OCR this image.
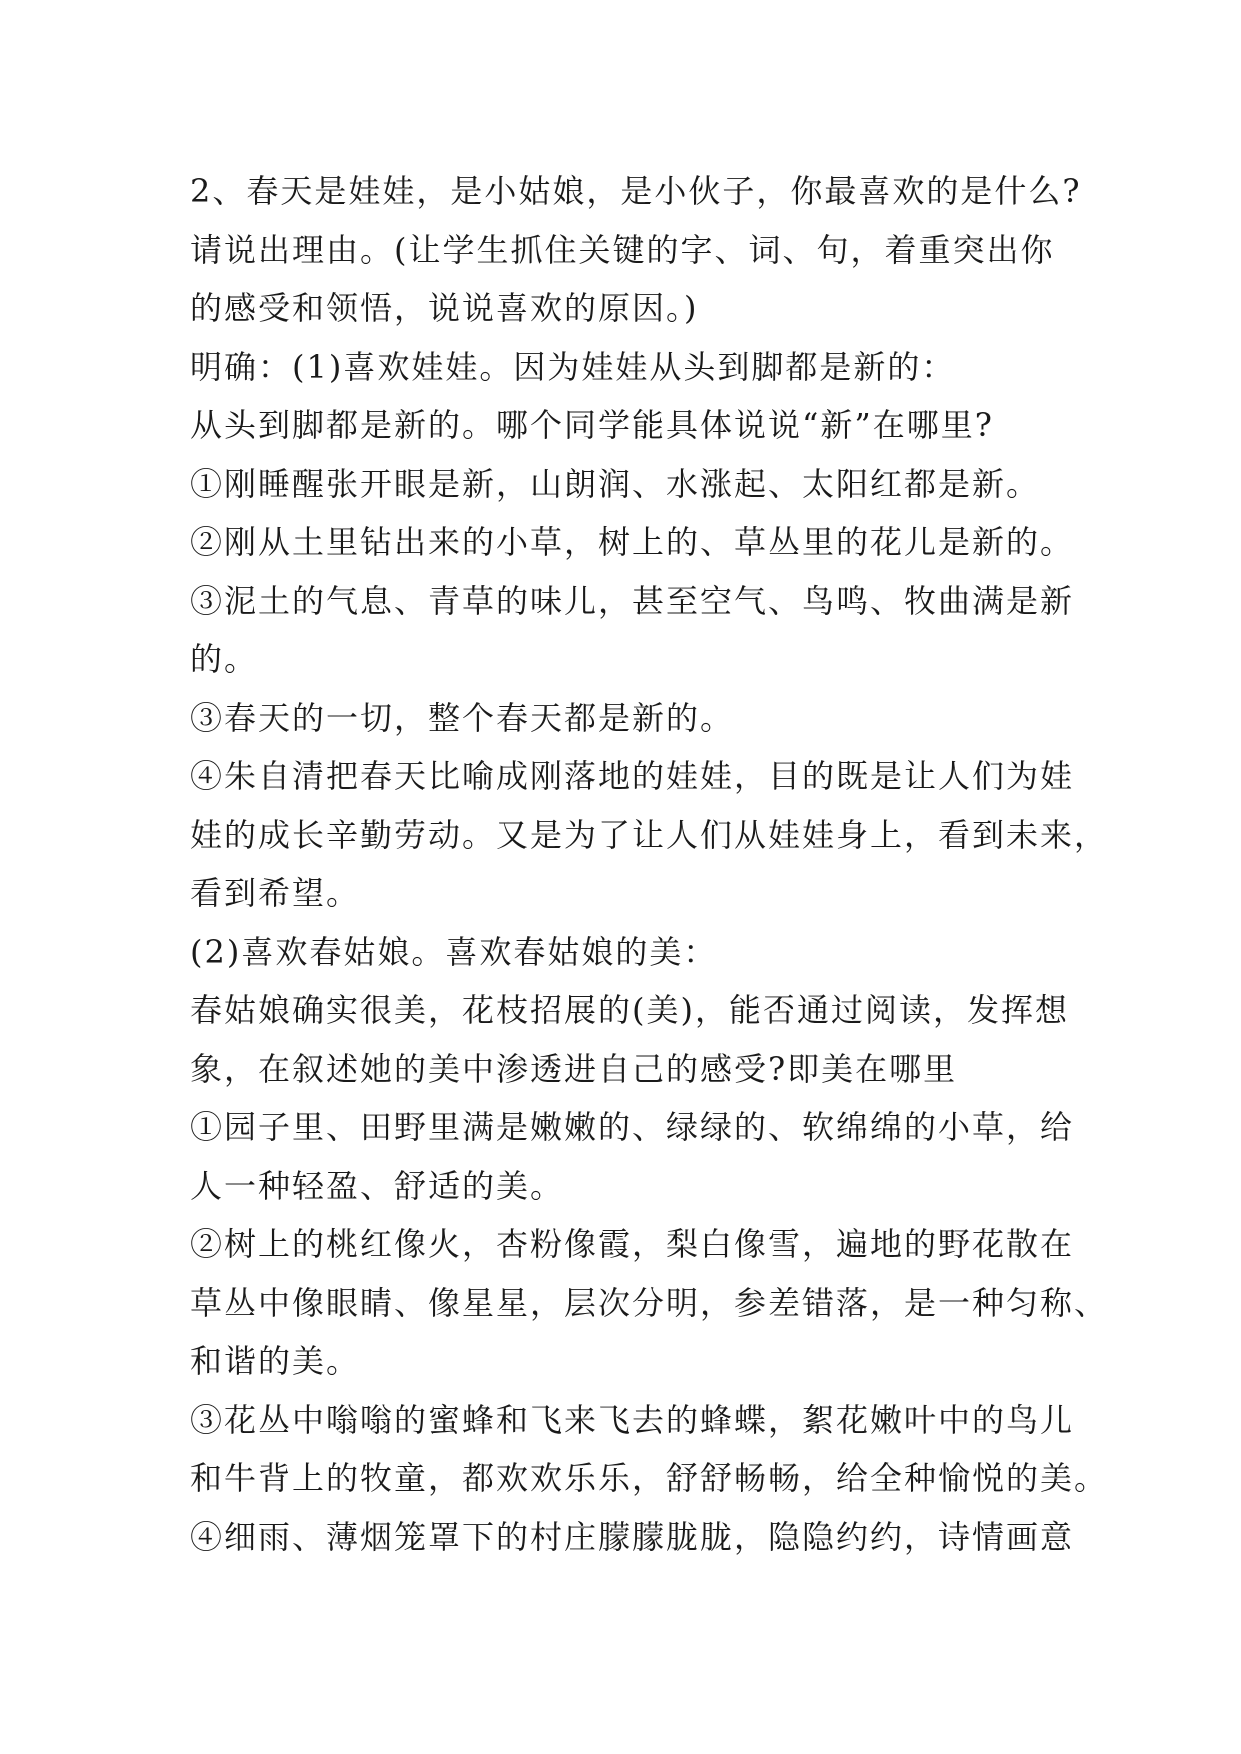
2、春天是娃娃，是小姑娘，是小伙子，你最喜欢的是什么?
请说出理由。(让学生抓住关键的字、词、句，着重突出你
的感受和领悟，说说喜欢的原因。)
明确：(1)喜欢娃娃。因为娃娃从头到脚都是新的：
从头到脚都是新的。哪个同学能具体说说“新”在哪里?
①刚睡醒张开眼是新，山朗润、水涨起、太阳红都是新。
②刚从土里钻出来的小草，树上的、草丛里的花儿是新的。
③泥土的气息、青草的味儿，甚至空气、鸟鸣、牧曲满是新
的。
③春天的一切，整个春天都是新的。
④朱自清把春天比喻成刚落地的娃娃，目的既是让人们为娃
娃的成长辛勤劳动。又是为了让人们从娃娃身上，看到未来，
看到希望。
(2)喜欢春姑娘。喜欢春姑娘的美：
春姑娘确实很美，花枝招展的(美)，能否通过阅读，发挥想
象，在叙述她的美中渗透进自己的感受?即美在哪里
①园子里、田野里满是嫩嫩的、绿绿的、软绵绵的小草，给
人一种轻盈、舒适的美。
②树上的桃红像火，杏粉像霞，梨白像雪，遍地的野花散在
草丛中像眼睛、像星星，层次分明，参差错落，是一种匀称、
和谐的美。
③花丛中嗡嗡的蜜蜂和飞来飞去的蜂蝶，絮花嫩叶中的鸟儿
和牛背上的牧童，都欢欢乐乐，舒舒畅畅，给全种愉悦的美。
④细雨、薄烟笼罩下的村庄朦朦胧胧，隐隐约约，诗情画意
